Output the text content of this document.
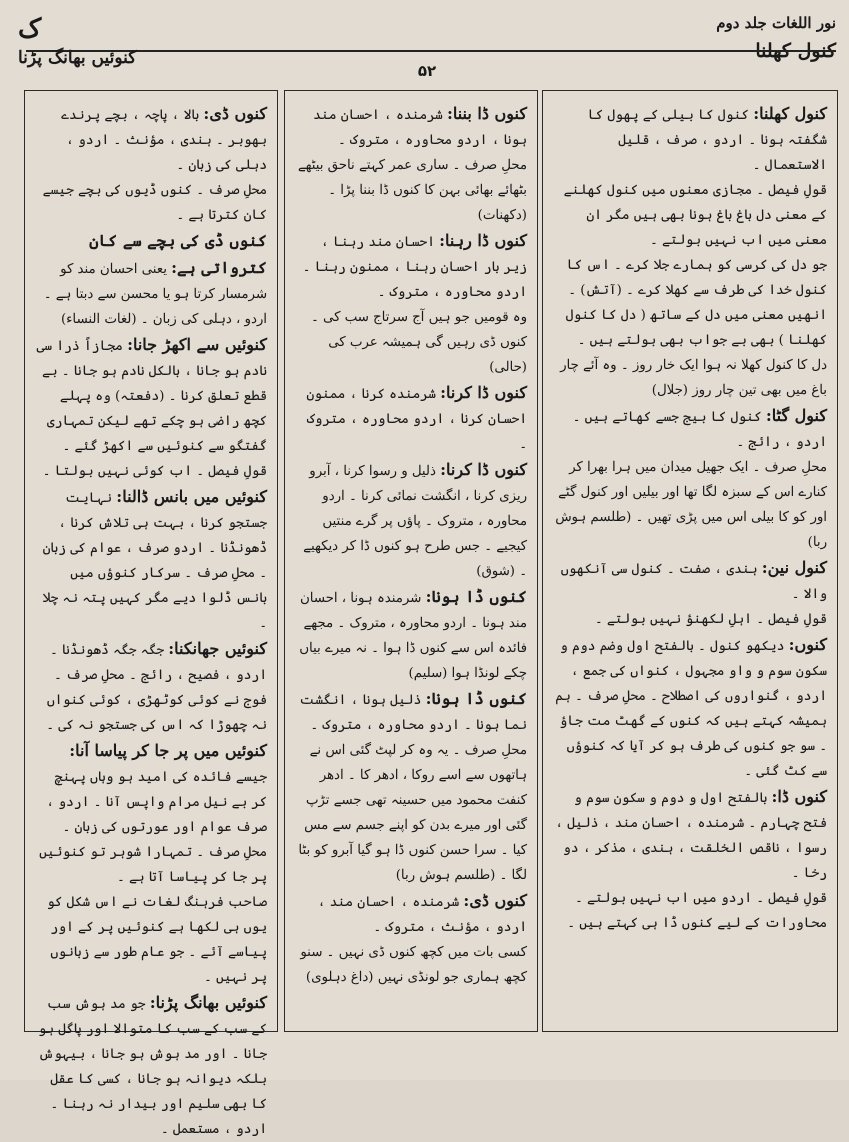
نور اللغات جلد دوم
کنول کھلنا
۵۲
ک
کنوئیں بھانگ پڑنا
کنول کھلنا: کنول کا بیلی کے پھول کا شگفتہ ہونا ۔ اردو ، صرف ، قلیل الاستعمال ۔
قولِ فیصل ۔ مجازی معنوں میں کنول کھلنے کے معنی دل باغ باغ ہونا بھی ہیں مگر ان معنی میں اب نہیں بولتے ۔
جو دل کی کرسی کو ہمارے جلا کرے ۔ اس کا کنول خدا کی طرف سے کھلا کرے ۔ (آتش) ۔ انھیں معنی میں دل کے ساتھ ( دل کا کنول کھلنا ) بھی بے جواب بھی بولتے ہیں ۔
دل کا کنول کھلا نہ ہوا ایک خار روز ۔ وہ آئے چار باغ میں بھی تین چار روز (جلال)
کنول گٹا: کنول کا بیج جسے کھاتے ہیں ۔ اردو ، رائج ۔
محلِ صرف ۔ ایک جھیل میدان میں ہرا بھرا کر کنارے اس کے سبزہ لگا تھا اور بیلیں اور کنول گٹے اور کو کا بیلی اس میں پڑی تھیں ۔ (طلسم ہوش ربا)
کنول نین: ہندی ، صفت ۔ کنول سی آنکھوں والا ۔
قولِ فیصل ۔ اہلِ لکھنؤ نہیں بولتے ۔
کنوں: دیکھو کنول ۔ بالفتح اول وضم دوم و سکون سوم و واو مجہول ، کنواں کی جمع ، اردو ، گنواروں کی اصطلاح ۔ محلِ صرف ۔ ہم ہمیشہ کہتے ہیں کہ کنوں کے گھٹ مت جاؤ ۔ سو جو کنوں کی طرف ہو کر آیا کہ کنوؤں سے کٹ گئی ۔
کنوں ڈا: بالفتح اول و دوم و سکون سوم و فتح چہارم ۔ شرمندہ ، احسان مند ، ذلیل ، رسوا ، ناقص الخلقت ، ہندی ، مذکر ، دو رخا ۔
قولِ فیصل ۔ اردو میں اب نہیں بولتے ۔ محاورات کے لیے کنوں ڈا ہی کہتے ہیں ۔
کنوں ڈا بننا: شرمندہ ، احسان مند ہونا ، اردو محاورہ ، متروک ۔
محلِ صرف ۔ ساری عمر کہتے ناحق بیٹھے بٹھائے بھائی بہن کا کنوں ڈا بننا پڑا ۔ (دکھنات)
کنوں ڈا رہنا: احسان مند رہنا ، زیر بار احسان رہنا ، ممنون رہنا ۔ اردو محاورہ ، متروک ۔
وہ قومیں جو ہیں آج سرتاج سب کی ۔ کنوں ڈی رہیں گی ہمیشہ عرب کی (حالی)
کنوں ڈا کرنا: شرمندہ کرنا ، ممنون احسان کرنا ، اردو محاورہ ، متروک ۔
کنوں ڈا کرنا: ذلیل و رسوا کرنا ، آبرو ریزی کرنا ، انگشت نمائی کرنا ۔ اردو محاورہ ، متروک ۔ پاؤں پر گرے منتیں کیجیے ۔ جس طرح ہو کنوں ڈا کر دیکھیے ۔ (شوق)
کنوں ڈا ہونا: شرمندہ ہونا ، احسان مند ہونا ۔ اردو محاورہ ، متروک ۔ مجھے فائدہ اس سے کنوں ڈا ہوا ۔ نہ میرے بیاں چکے لونڈا ہوا (سلیم)
کنوں ڈا ہونا: ذلیل ہونا ، انگشت نما ہونا ۔ اردو محاورہ ، متروک ۔
محلِ صرف ۔ یہ وہ کر لپٹ گئی اس نے ہاتھوں سے اسے روکا ، ادھر کا ۔ ادھر کنفت محمود میں حسینہ تھی جسے تڑپ گئی اور میرے بدن کو اپنے جسم سے مس کیا ۔ سرا حسن کنوں ڈا ہو گیا آبرو کو بٹا لگا ۔ (طلسم ہوش ربا)
کنوں ڈی: شرمندہ ، احسان مند ، اردو ، مؤنث ، متروک ۔
کسی بات میں کچھ کنوں ڈی نہیں ۔ سنو کچھ ہماری جو لونڈی نہیں (داغ دہلوی)
کنوں ڈی: بالا ، پاچہ ، بچے پرندے بھوبر ۔ ہندی ، مؤنث ۔ اردو ، دہلی کی زبان ۔
محلِ صرف ۔ کنوں ڈیوں کی بچے جیسے کان کترتا ہے ۔
کنوں ڈی کی بچے سے کان کترواتی ہے: یعنی احسان مند کو شرمسار کرتا ہو یا محسن سے دبتا ہے ۔ اردو ، دہلی کی زبان ۔ (لغات النساء)
کنوئیں سے اکھڑ جانا: مجازاً ذرا سی نادم ہو جانا ، بالکل نادم ہو جانا ۔ بے قطع تعلق کرنا ۔ (دفعتہ) وہ پہلے کچھ راضی ہو چکے تھے لیکن تمہاری گفتگو سے کنوئیں سے اکھڑ گئے ۔
قولِ فیصل ۔ اب کوئی نہیں بولتا ۔
کنوئیں میں بانس ڈالنا: نہایت جستجو کرنا ، بہت ہی تلاش کرنا ، ڈھونڈنا ۔ اردو صرف ، عوام کی زبان ۔ محلِ صرف ۔ سرکار کنوؤں میں بانس ڈلوا دیے مگر کہیں پتہ نہ چلا ۔
کنوئیں جھانکنا: جگہ جگہ ڈھونڈنا ۔ اردو ، فصیح ، رائج ۔ محلِ صرف ۔ فوج نے کوئی کوٹھڑی ، کوئی کنواں نہ چھوڑا کہ اس کی جستجو نہ کی ۔
کنوئیں میں پر جا کر پیاسا آنا: جیسے فائدہ کی امید ہو وہاں پہنچ کر بے نیل مرام واپس آنا ۔ اردو ، صرف عوام اور عورتوں کی زبان ۔ محلِ صرف ۔ تمہارا شوہر تو کنوئیں پر جا کر پیاسا آتا ہے ۔
صاحب فرہنگ لغات نے اس شکل کو یوں ہی لکھا ہے کنوئیں پر کے اور پیاسے آئے ۔ جو عام طور سے زبانوں پر نہیں ۔
کنوئیں بھانگ پڑنا: جو مد ہوش سب کے سب کے سب کا متوالا اور پاگل ہو جانا ۔ اور مد ہوش ہو جانا ، بیہوش بلکہ دیوانہ ہو جانا ، کسی کا عقل کا بھی سلیم اور بیدار نہ رہنا ۔ اردو ، مستعمل ۔
